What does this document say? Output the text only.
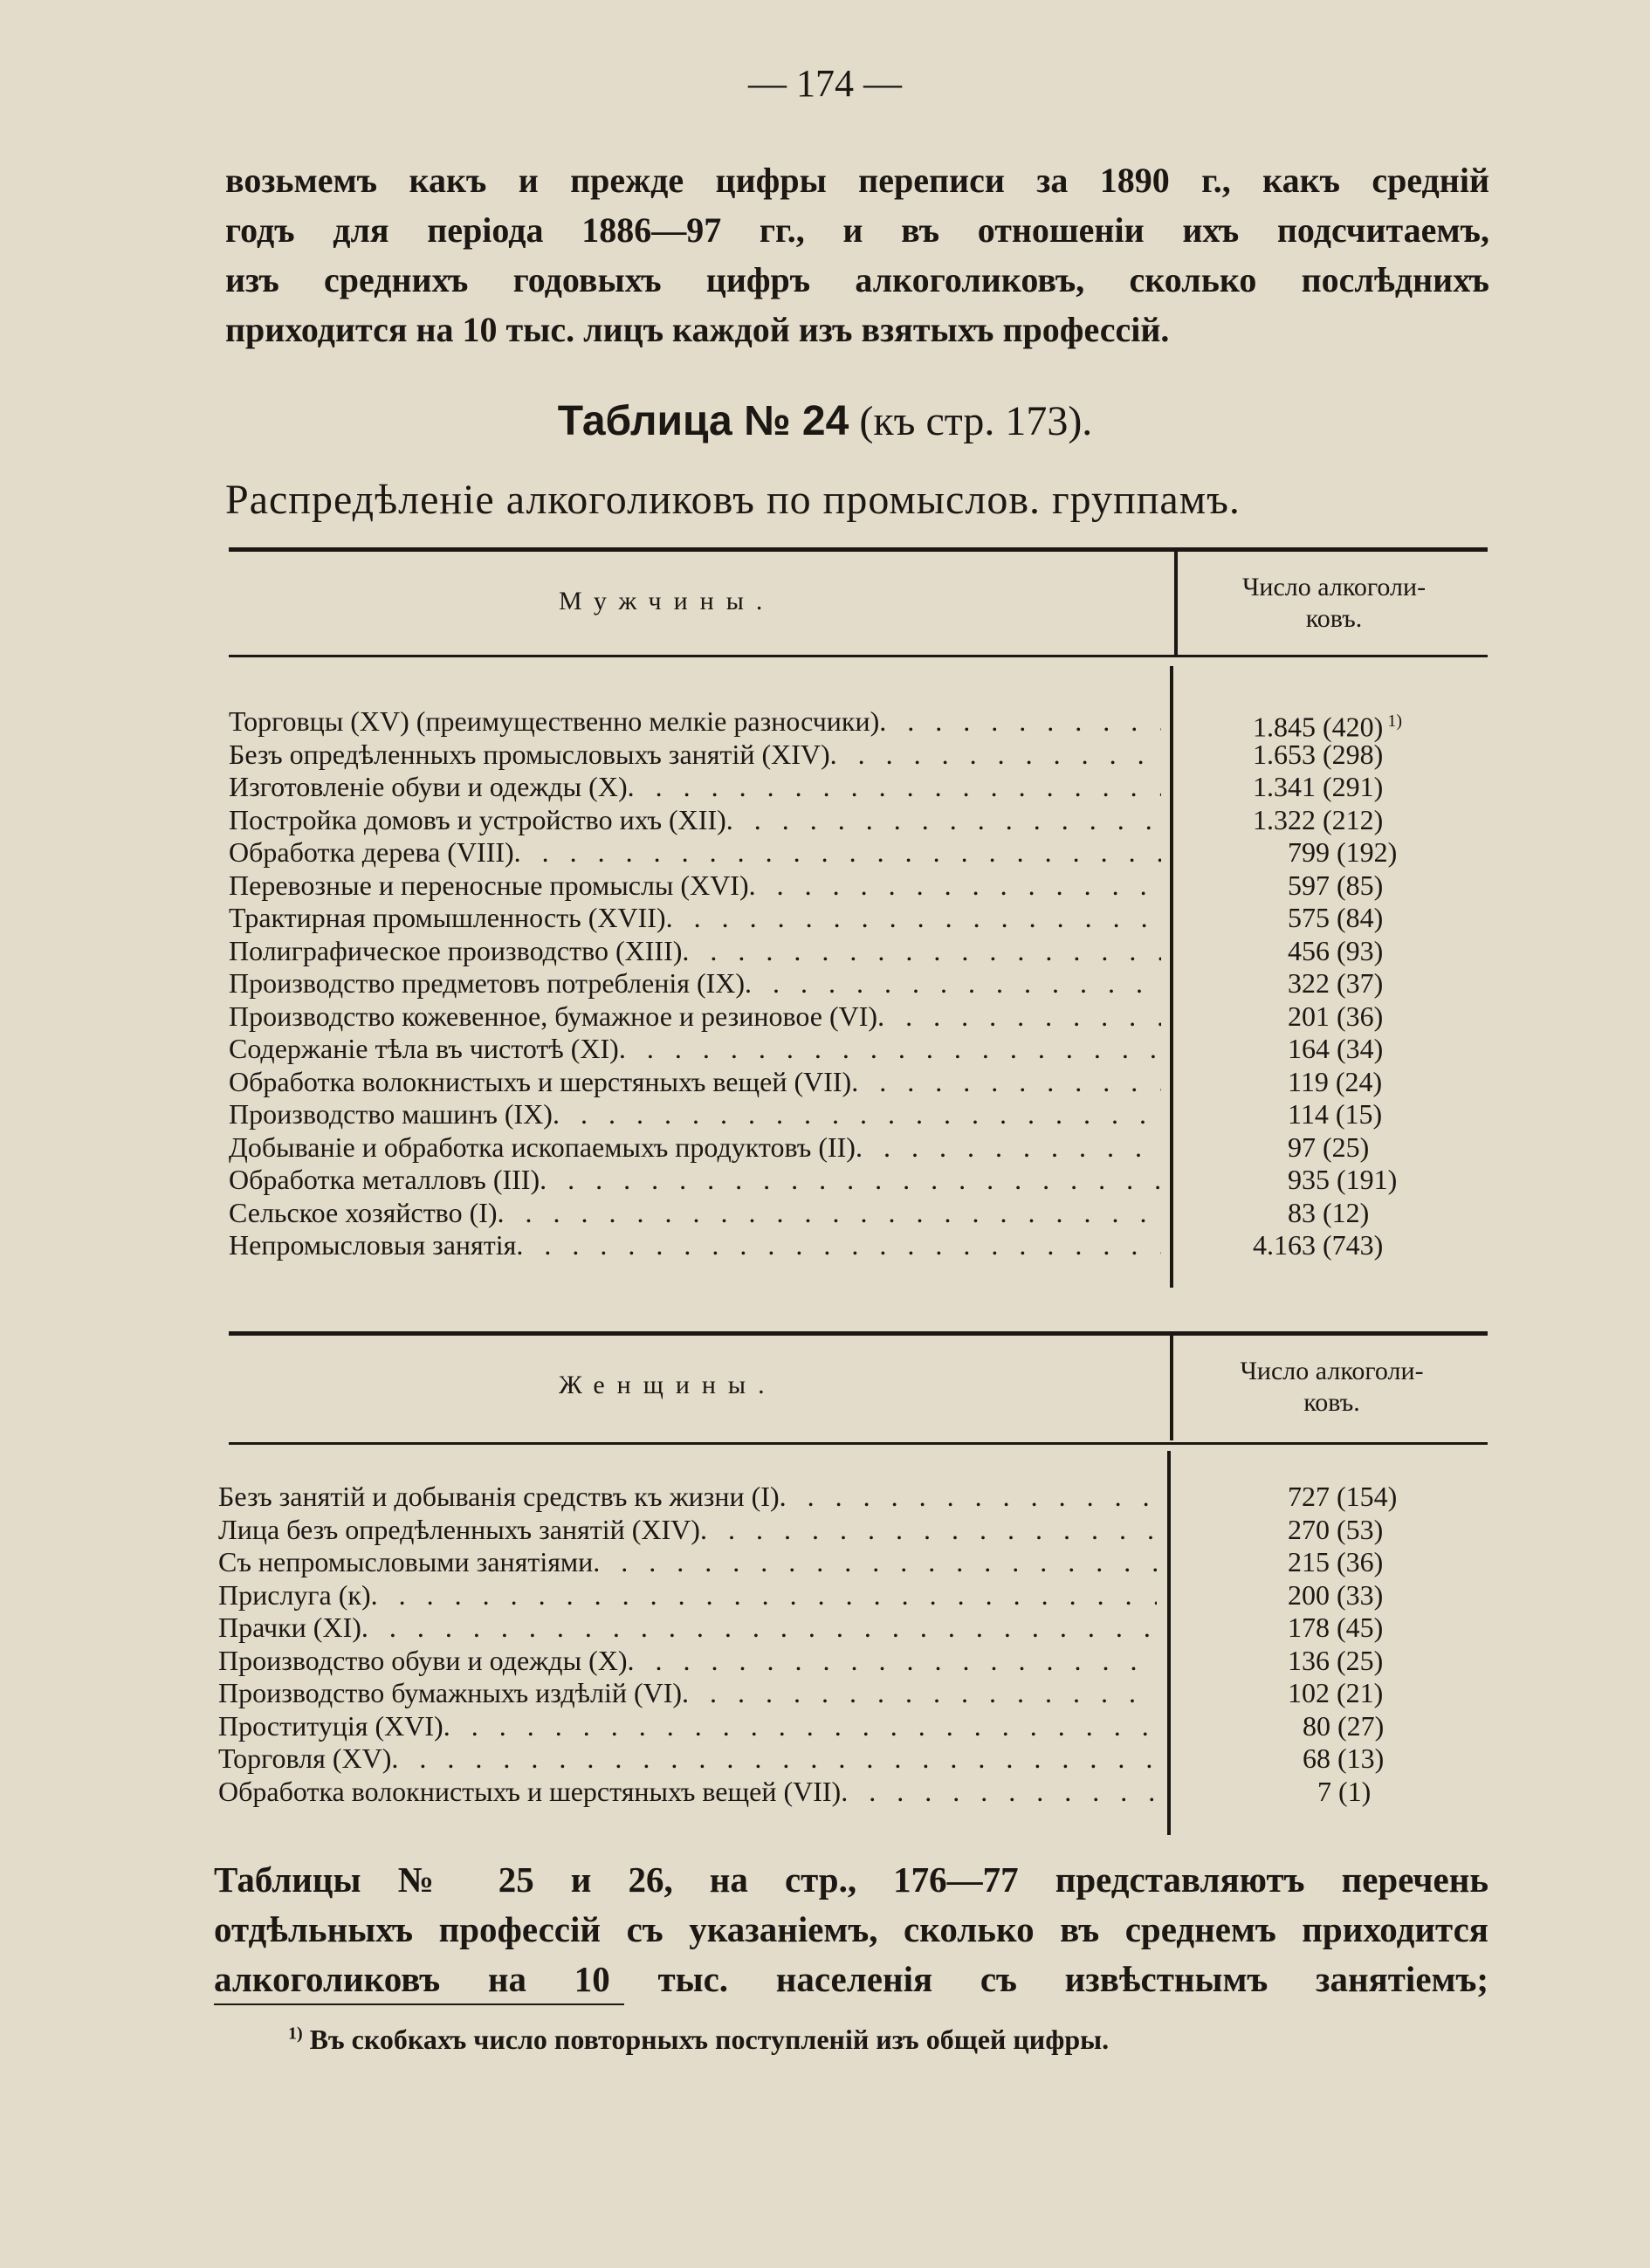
— 174 —
возьмемъ какъ и прежде цифры переписи за 1890 г., какъ средній
годъ для періода 1886—97 гг., и въ отношеніи ихъ подсчитаемъ,
изъ среднихъ годовыхъ цифръ алкоголиковъ, сколько послѣднихъ
приходится на 10 тыс. лицъ каждой изъ взятыхъ профессій.
Таблица № 24 (къ стр. 173).
Распредѣленіе алкоголиковъ по промыслов. группамъ.
Мужчины.	Число алкоголи-
ковъ.
Торговцы (XV) (преимущественно мелкіе разносчики)
. . .
Безъ опредѣленныхъ промысловыхъ занятій (XIV)
. . .
Изготовленіе обуви и одежды (X)
. . .
Постройка домовъ и устройство ихъ (XII)
. . .
Обработка дерева (VIII)
. . .
Перевозные и переносные промыслы (XVI)
. . .
Трактирная промышленность (XVII)
. . .
Полиграфическое производство (XIII)
. . .
Производство предметовъ потребленія (IX)
. . .
Производство кожевенное, бумажное и резиновое (VI)
. . .
Содержаніе тѣла въ чистотѣ (XI)
. . .
Обработка волокнистыхъ и шерстяныхъ вещей (VII)
. . .
Производство машинъ (IX)
. . .
Добываніе и обработка ископаемыхъ продуктовъ (II)
. . .
Обработка металловъ (III)
. . .
Сельское хозяйство (I)
. . .
Непромысловыя занятія
. . .
1.845 (420) $^{1)}$
1.653 (298)
1.341 (291)
1.322 (212)
799 (192)
597 (85)
575 (84)
456 (93)
322 (37)
201 (36)
164 (34)
119 (24)
114 (15)
97 (25)
935 (191)
83 (12)
4.163 (743)
Женщины.	Число алкоголи-
ковъ.
Безъ занятій и добыванія средствъ къ жизни (I)
. . .
Лица безъ опредѣленныхъ занятій (XIV)
. . .
Съ непромысловыми занятіями
. . .
Прислуга (к)
. . .
Прачки (XI)
. . .
Производство обуви и одежды (X)
. . .
Производство бумажныхъ издѣлій (VI)
. . .
Проституція (XVI)
. . .
Торговля (XV)
. . .
Обработка волокнистыхъ и шерстяныхъ вещей (VII)
. . .
727 (154)
270 (53)
215 (36)
200 (33)
178 (45)
136 (25)
102 (21)
80 (27)
68 (13)
7 (1)
Таблицы № 25 и 26, на стр., 176—77 представляютъ перечень
отдѣльныхъ профессій съ указаніемъ, сколько въ среднемъ приходится
алкоголиковъ на 10 тыс. населенія съ извѣстнымъ занятіемъ;
$^{1)}$ Въ скобкахъ число повторныхъ поступленій изъ общей цифры.
